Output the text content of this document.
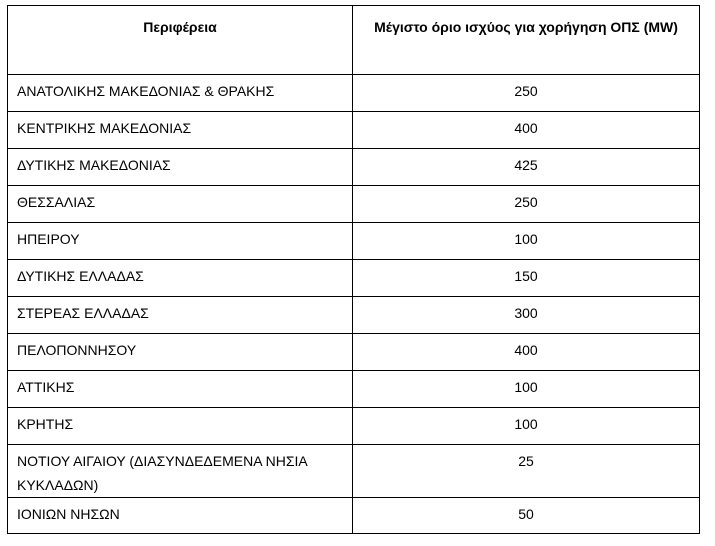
Περιφέρεια	Μέγιστο όριο ισχύος για χορήγηση ΟΠΣ (MW)
ΑΝΑΤΟΛΙΚΗΣ ΜΑΚΕΔΟΝΙΑΣ & ΘΡΑΚΗΣ	250
ΚΕΝΤΡΙΚΗΣ ΜΑΚΕΔΟΝΙΑΣ	400
ΔΥΤΙΚΗΣ ΜΑΚΕΔΟΝΙΑΣ	425
ΘΕΣΣΑΛΙΑΣ	250
ΗΠΕΙΡΟΥ	100
ΔΥΤΙΚΗΣ ΕΛΛΑΔΑΣ	150
ΣΤΕΡΕΑΣ ΕΛΛΑΔΑΣ	300
ΠΕΛΟΠΟΝΝΗΣΟΥ	400
ΑΤΤΙΚΗΣ	100
ΚΡΗΤΗΣ	100
ΝΟΤΙΟΥ ΑΙΓΑΙΟΥ (ΔΙΑΣΥΝΔΕΔΕΜΕΝΑ ΝΗΣΙΑ ΚΥΚΛΑΔΩΝ)	25
ΙΟΝΙΩΝ ΝΗΣΩΝ	50
